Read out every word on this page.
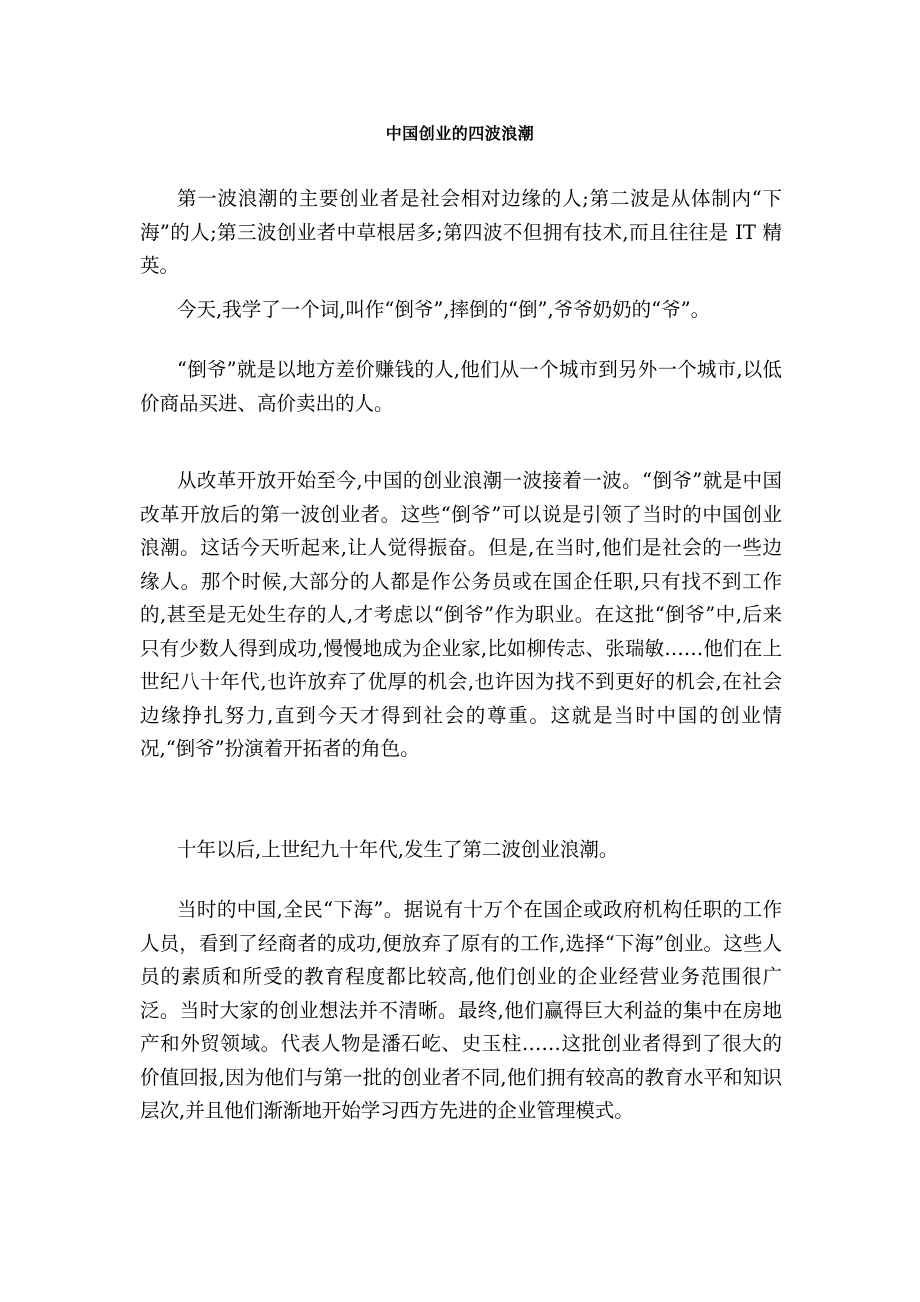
中国创业的四波浪潮

第一波浪潮的主要创业者是社会相对边缘的人;第二波是从体制内“下海”的人;第三波创业者中草根居多;第四波不但拥有技术,而且往往是 IT 精英。

今天,我学了一个词,叫作“倒爷”,摔倒的“倒”,爷爷奶奶的“爷”。

“倒爷”就是以地方差价赚钱的人,他们从一个城市到另外一个城市,以低价商品买进、高价卖出的人。

从改革开放开始至今,中国的创业浪潮一波接着一波。“倒爷”就是中国改革开放后的第一波创业者。这些“倒爷”可以说是引领了当时的中国创业浪潮。这话今天听起来,让人觉得振奋。但是,在当时,他们是社会的一些边缘人。那个时候,大部分的人都是作公务员或在国企任职,只有找不到工作的,甚至是无处生存的人,才考虑以“倒爷”作为职业。在这批“倒爷”中,后来只有少数人得到成功,慢慢地成为企业家,比如柳传志、张瑞敏……他们在上世纪八十年代,也许放弃了优厚的机会,也许因为找不到更好的机会,在社会边缘挣扎努力,直到今天才得到社会的尊重。这就是当时中国的创业情况,“倒爷”扮演着开拓者的角色。

十年以后,上世纪九十年代,发生了第二波创业浪潮。

当时的中国,全民“下海”。据说有十万个在国企或政府机构任职的工作人员，看到了经商者的成功,便放弃了原有的工作,选择“下海”创业。这些人员的素质和所受的教育程度都比较高,他们创业的企业经营业务范围很广泛。当时大家的创业想法并不清晰。最终,他们赢得巨大利益的集中在房地产和外贸领域。代表人物是潘石屹、史玉柱……这批创业者得到了很大的价值回报,因为他们与第一批的创业者不同,他们拥有较高的教育水平和知识层次,并且他们渐渐地开始学习西方先进的企业管理模式。
